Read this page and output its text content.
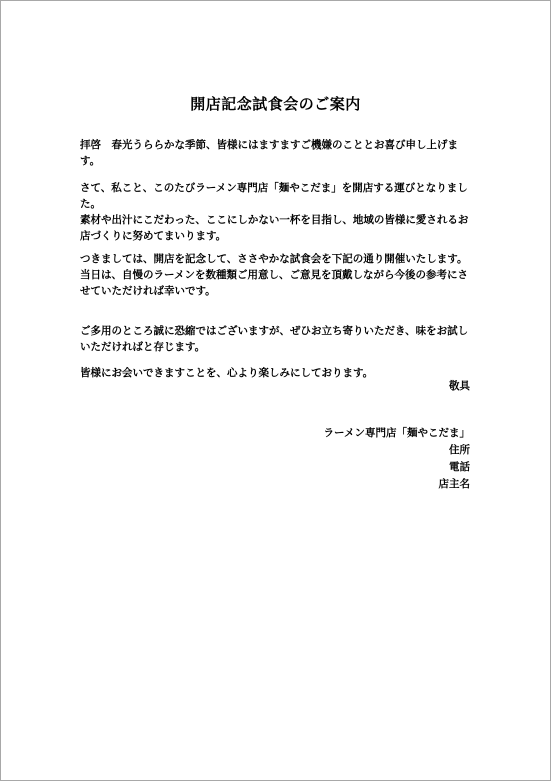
開店記念試食会のご案内

拝啓　春光うららかな季節、皆様にはますますご機嫌のこととお喜び申し上げます。

さて、私こと、このたびラーメン専門店「麺やこだま」を開店する運びとなりました。

素材や出汁にこだわった、ここにしかない一杯を目指し、地域の皆様に愛されるお店づくりに努めてまいります。

つきましては、開店を記念して、ささやかな試食会を下記の通り開催いたします。

当日は、自慢のラーメンを数種類ご用意し、ご意見を頂戴しながら今後の参考にさせていただければ幸いです。

ご多用のところ誠に恐縮ではございますが、ぜひお立ち寄りいただき、味をお試しいただければと存じます。

皆様にお会いできますことを、心より楽しみにしております。

敬具
ラーメン専門店「麺やこだま」
住所
電話
店主名
